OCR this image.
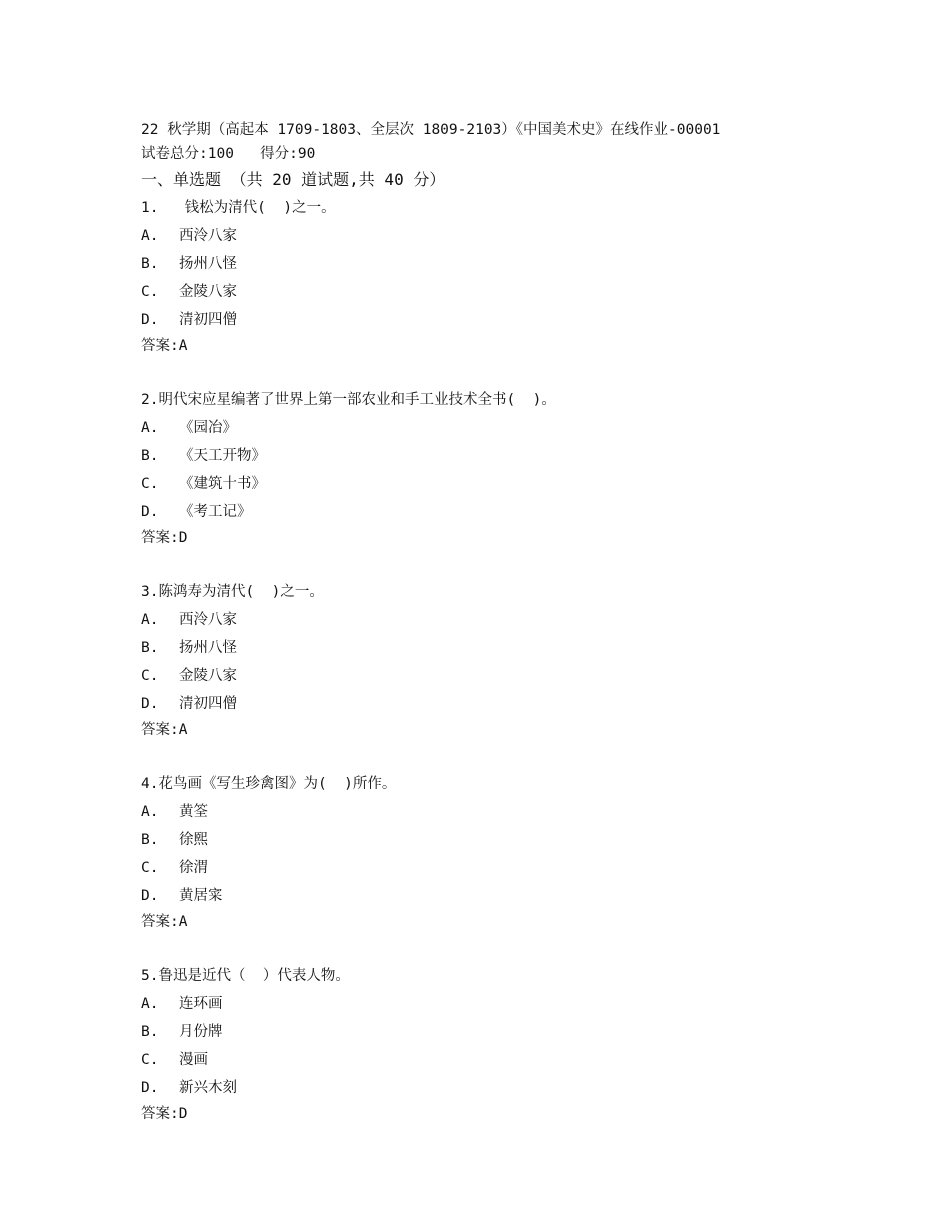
22 秋学期（高起本 1709-1803、全层次 1809-2103）《中国美术史》在线作业-00001
试卷总分:100   得分:90
一、单选题 （共 20 道试题,共 40 分）
1.   钱松为清代(  )之一。
A.	西泠八家
B.	扬州八怪
C.	金陵八家
D.	清初四僧
答案:A
2.明代宋应星编著了世界上第一部农业和手工业技术全书(  )。
A.	《园冶》
B.	《天工开物》
C.	《建筑十书》
D.	《考工记》
答案:D
3.陈鸿寿为清代(  )之一。
A.	西泠八家
B.	扬州八怪
C.	金陵八家
D.	清初四僧
答案:A
4.花鸟画《写生珍禽图》为(  )所作。
A.	黄筌
B.	徐熙
C.	徐渭
D.	黄居寀
答案:A
5.鲁迅是近代（  ）代表人物。
A.	连环画
B.	月份牌
C.	漫画
D.	新兴木刻
答案:D
